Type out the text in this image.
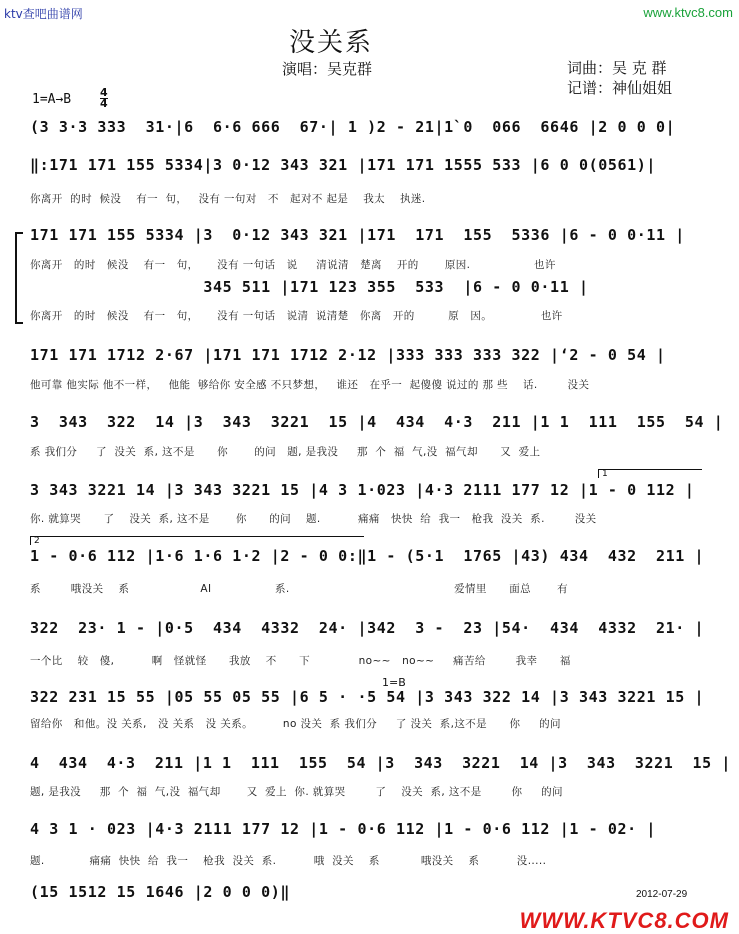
ktv查吧曲谱网	www.ktvc8.com
没关系
演唱：吴克群	词曲：吴 克 群
记谱：神仙姐姐
1=A→B	4
4
(3 3·3 333  31·|6  6·6 666  67·| 1 )2 - 21|1̀ 0  066  6646 |2 0 0 0|
‖:171 171 155 5334|3 0·12 343 321 |171 171 1555 533 |6 0 0(0561)|
你离开  的时  候没    有一  句，   没有 一句对   不   起对不 起是    我太    执迷.
171 171 155 5334 |3  0·12 343 321 |171  171  155  5336 |6 - 0 0·11 |
你离开   的时   候没    有一   句，     没有 一句话   说     清说清   楚离    开的       原因.                 也许
345 511 |171 123 355  533  |6 - 0 0·11 |
你离开   的时   候没    有一   句，     没有 一句话   说清  说清楚   你离   开的         原   因。             也许
171 171 1712 2·67 |171 171 1712 2·12 |333 333 333 322 |‘2 - 0 54 |
他可靠 他实际 他不一样，   他能  够给你 安全感 不只梦想，   谁还   在乎一  起傻傻 说过的 那 些    话.        没关
3  343  322  14 |3  343  3221  15 |4  434  4·3  211 |1 1  111  155  54 |
系 我们分     了  没关  系, 这不是      你       的问   题, 是我没     那  个  福  气,没  福气却      又  爱上
1
3 343 3221 14 |3 343 3221 15 |4 3 1·023 |4·3 2111 177 12 |1 - 0 112 |
你. 就算哭      了    没关  系, 这不是       你      的问    题.          痛痛   快快  给  我一   枪我  没关  系.        没关
2
1 - 0·6 112 |1·6 1·6 1·2 |2 - 0 0:‖1 - (5·1  1765 |43) 434  432  211 |
系        哦没关    系                   AI                 系.                                            爱情里      面总       有
322  23· 1 - |0·5  434  4332  24· |342  3 -  23 |54·  434  4332  21· |
一个比    较   傻,          啊   怪就怪      我放    不      下             no~~   no~~     痛苦给        我幸      福
1=B
322 231 15 55 |05 55 05 55 |6 5 · ·5 54 |3 343 322 14 |3 343 3221 15 |
留给你   和他。没 关系,   没 关系   没 关系。        no 没关  系 我们分     了 没关  系,这不是      你     的问
4  434  4·3  211 |1 1  111  155  54 |3  343  3221  14 |3  343  3221  15 |
题, 是我没     那  个  福  气,没  福气却       又  爱上  你. 就算哭        了    没关  系, 这不是        你     的问
4 3 1 · 023 |4·3 2111 177 12 |1 - 0·6 112 |1 - 0·6 112 |1 - 02· |
题.            痛痛  快快  给  我一    枪我  没关  系.          哦  没关    系           哦没关    系          没.....
(15 1512 15 1646 |2 0 0 0)‖	2012-07-29
WWW.KTVC8.COM
